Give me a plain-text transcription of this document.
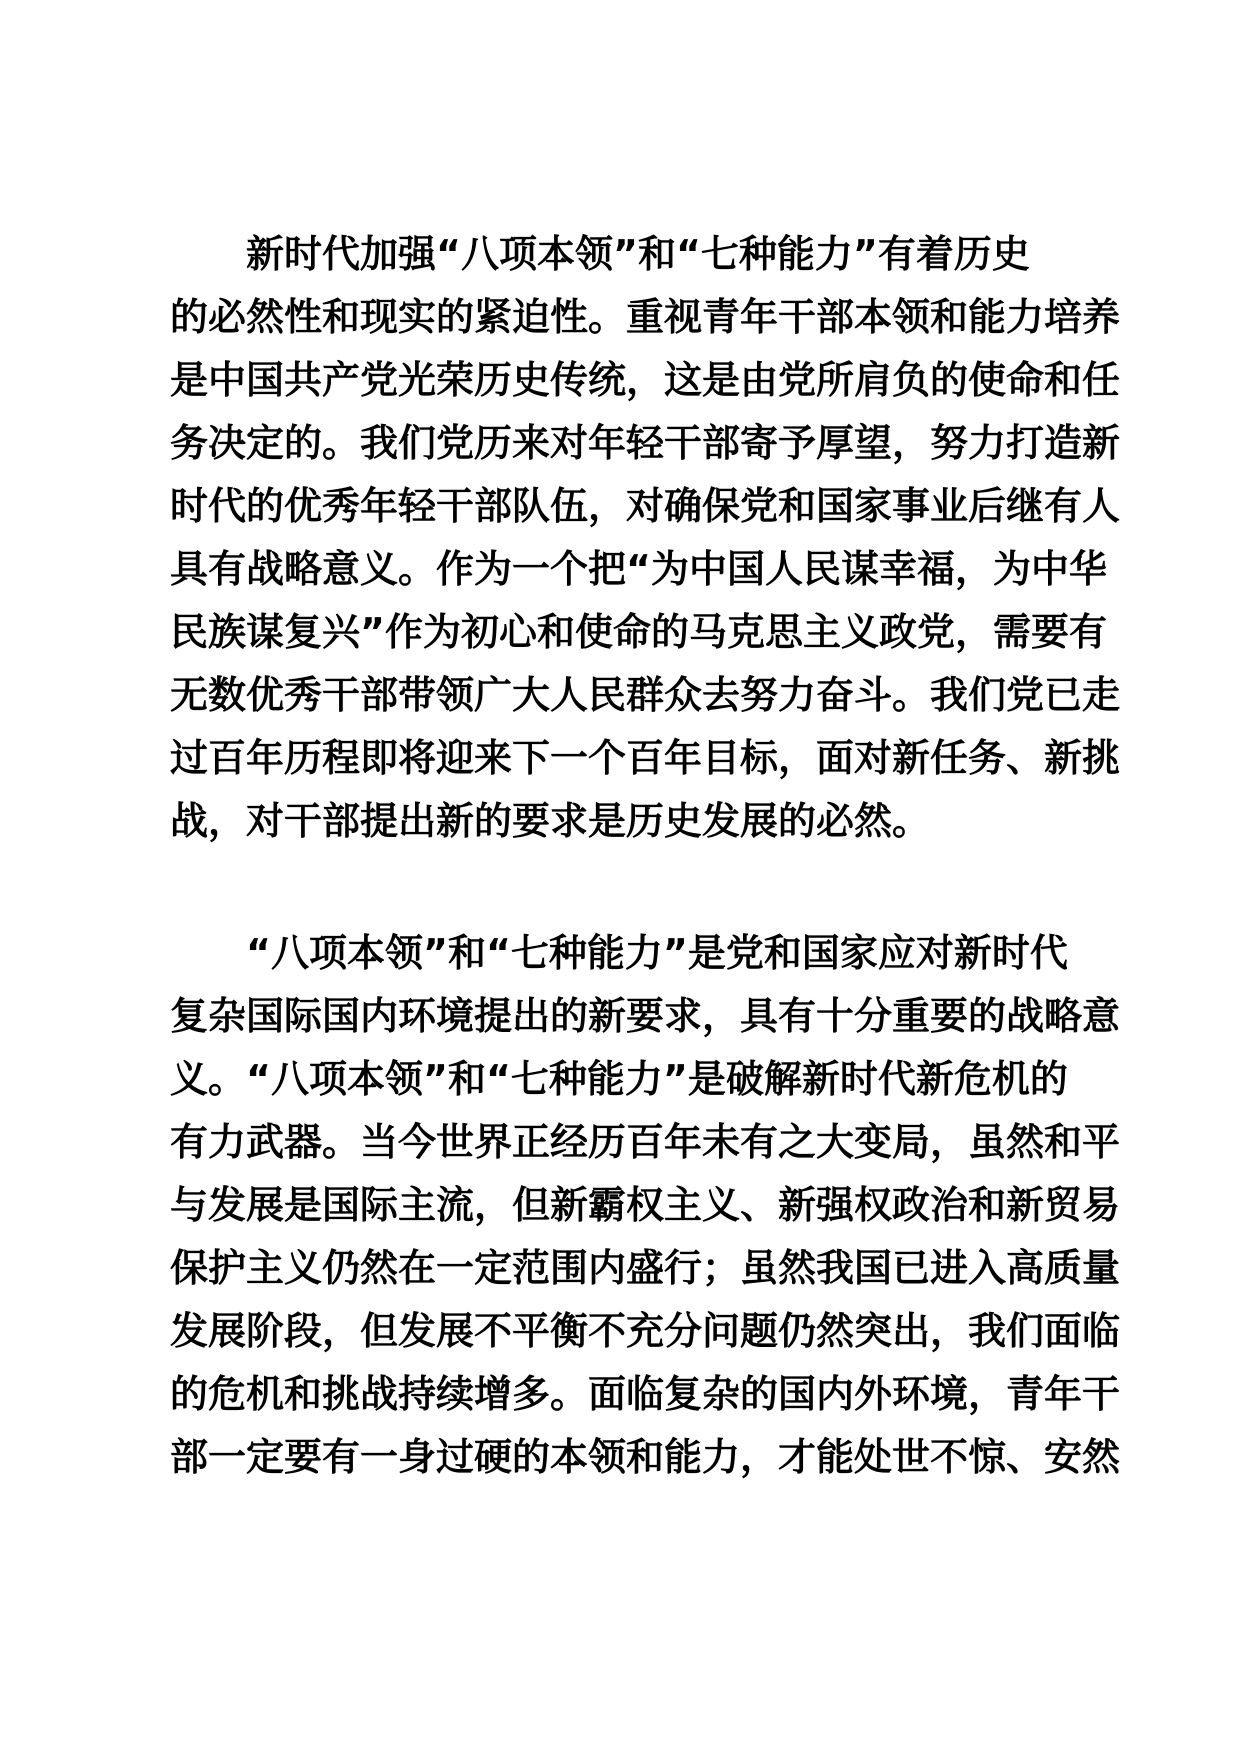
新时代加强“八项本领”和“七种能力”有着历史
的必然性和现实的紧迫性。重视青年干部本领和能力培养
是中国共产党光荣历史传统，这是由党所肩负的使命和任
务决定的。我们党历来对年轻干部寄予厚望，努力打造新
时代的优秀年轻干部队伍，对确保党和国家事业后继有人
具有战略意义。作为一个把“为中国人民谋幸福，为中华
民族谋复兴”作为初心和使命的马克思主义政党，需要有
无数优秀干部带领广大人民群众去努力奋斗。我们党已走
过百年历程即将迎来下一个百年目标，面对新任务、新挑
战，对干部提出新的要求是历史发展的必然。
“八项本领”和“七种能力”是党和国家应对新时代
复杂国际国内环境提出的新要求，具有十分重要的战略意
义。“八项本领”和“七种能力”是破解新时代新危机的
有力武器。当今世界正经历百年未有之大变局，虽然和平
与发展是国际主流，但新霸权主义、新强权政治和新贸易
保护主义仍然在一定范围内盛行；虽然我国已进入高质量
发展阶段，但发展不平衡不充分问题仍然突出，我们面临
的危机和挑战持续增多。面临复杂的国内外环境，青年干
部一定要有一身过硬的本领和能力，才能处世不惊、安然
